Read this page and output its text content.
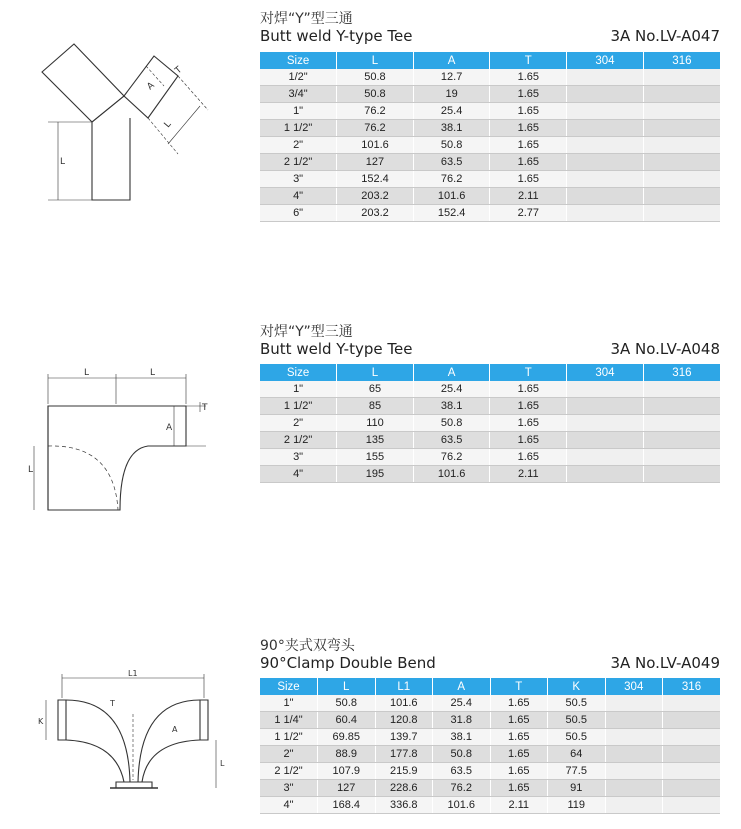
A
T
L
L
对焊“Y”型三通
Butt weld Y-type Tee	3A No.LV-A047
Size	L	A	T	304	316
1/2"	50.8	12.7	1.65		
3/4"	50.8	19	1.65		
1"	76.2	25.4	1.65		
1 1/2"	76.2	38.1	1.65		
2"	101.6	50.8	1.65		
2 1/2"	127	63.5	1.65		
3"	152.4	76.2	1.65		
4"	203.2	101.6	2.11		
6"	203.2	152.4	2.77		
L	L
T
A
L
对焊“Y”型三通
Butt weld Y-type Tee	3A No.LV-A048
Size	L	A	T	304	316
1"	65	25.4	1.65		
1 1/2"	85	38.1	1.65		
2"	110	50.8	1.65		
2 1/2"	135	63.5	1.65		
3"	155	76.2	1.65		
4"	195	101.6	2.11		
L1
T
K
A
L
90°夹式双弯头
90°Clamp Double Bend	3A No.LV-A049
Size	L	L1	A	T	K	304	316
1"	50.8	101.6	25.4	1.65	50.5		
1 1/4"	60.4	120.8	31.8	1.65	50.5		
1 1/2"	69.85	139.7	38.1	1.65	50.5		
2"	88.9	177.8	50.8	1.65	64		
2 1/2"	107.9	215.9	63.5	1.65	77.5		
3"	127	228.6	76.2	1.65	91		
4"	168.4	336.8	101.6	2.11	119		
